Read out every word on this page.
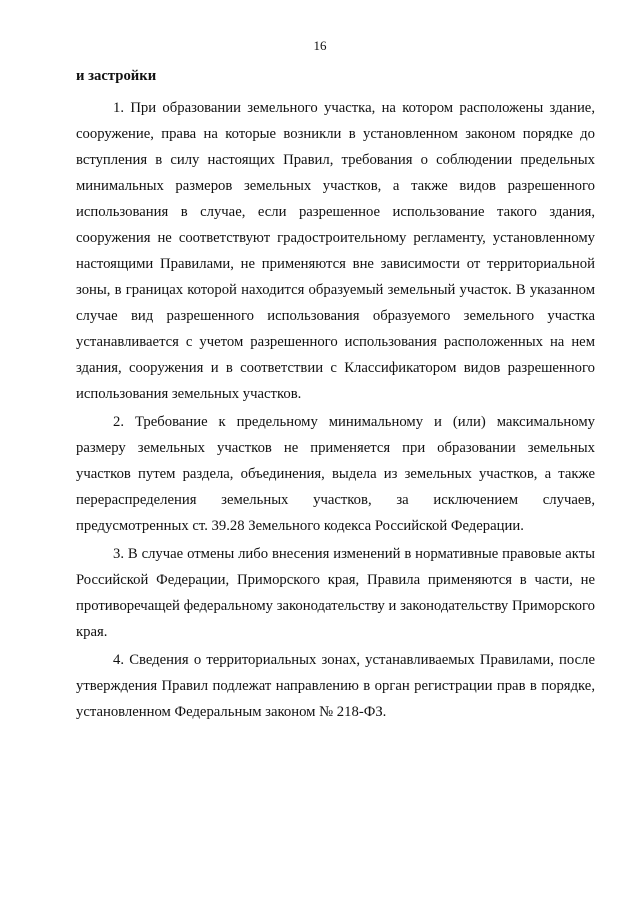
16

и застройки

1. При образовании земельного участка, на котором расположены здание, сооружение, права на которые возникли в установленном законом порядке до вступления в силу настоящих Правил, требования о соблюдении предельных минимальных размеров земельных участков, а также видов разрешенного использования в случае, если разрешенное использование такого здания, сооружения не соответствуют градостроительному регламенту, установленному настоящими Правилами, не применяются вне зависимости от территориальной зоны, в границах которой находится образуемый земельный участок. В указанном случае вид разрешенного использования образуемого земельного участка устанавливается с учетом разрешенного использования расположенных на нем здания, сооружения и в соответствии с Классификатором видов разрешенного использования земельных участков.

2. Требование к предельному минимальному и (или) максимальному размеру земельных участков не применяется при образовании земельных участков путем раздела, объединения, выдела из земельных участков, а также перераспределения земельных участков, за исключением случаев, предусмотренных ст. 39.28 Земельного кодекса Российской Федерации.

3. В случае отмены либо внесения изменений в нормативные правовые акты Российской Федерации, Приморского края, Правила применяются в части, не противоречащей федеральному законодательству и законодательству Приморского края.

4. Сведения о территориальных зонах, устанавливаемых Правилами, после утверждения Правил подлежат направлению в орган регистрации прав в порядке, установленном Федеральным законом № 218-ФЗ.
